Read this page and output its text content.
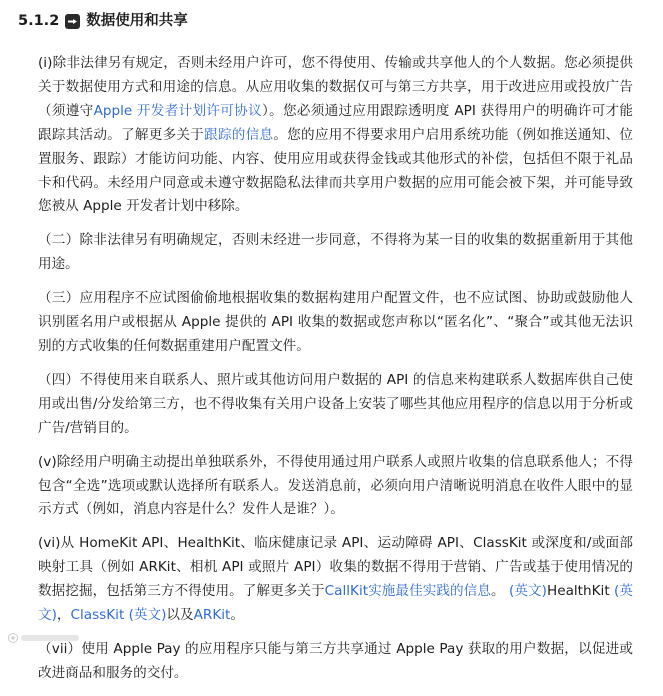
5.1.2 数据使用和共享

(i)除非法律另有规定，否则未经用户许可，您不得使用、传输或共享他人的个人数据。您必须提供关于数据使用方式和用途的信息。从应用收集的数据仅可与第三方共享，用于改进应用或投放广告（须遵守Apple 开发者计划许可协议）。您必须通过应用跟踪透明度 API 获得用户的明确许可才能跟踪其活动。了解更多关于跟踪的信息。您的应用不得要求用户启用系统功能（例如推送通知、位置服务、跟踪）才能访问功能、内容、使用应用或获得金钱或其他形式的补偿，包括但不限于礼品卡和代码。未经用户同意或未遵守数据隐私法律而共享用户数据的应用可能会被下架，并可能导致您被从 Apple 开发者计划中移除。

（二）除非法律另有明确规定，否则未经进一步同意，不得将为某一目的收集的数据重新用于其他用途。

（三）应用程序不应试图偷偷地根据收集的数据构建用户配置文件，也不应试图、协助或鼓励他人识别匿名用户或根据从 Apple 提供的 API 收集的数据或您声称以“匿名化”、“聚合”或其他无法识别的方式收集的任何数据重建用户配置文件。

（四）不得使用来自联系人、照片或其他访问用户数据的 API 的信息来构建联系人数据库供自己使用或出售/分发给第三方，也不得收集有关用户设备上安装了哪些其他应用程序的信息以用于分析或广告/营销目的。

(v)除经用户明确主动提出单独联系外，不得使用通过用户联系人或照片收集的信息联系他人；不得包含“全选”选项或默认选择所有联系人。发送消息前，必须向用户清晰说明消息在收件人眼中的显示方式（例如，消息内容是什么？发件人是谁？）。

(vi)从 HomeKit API、HealthKit、临床健康记录 API、运动障碍 API、ClassKit 或深度和/或面部映射工具（例如 ARKit、相机 API 或照片 API）收集的数据不得用于营销、广告或基于使用情况的数据挖掘，包括第三方不得使用。了解更多关于CallKit实施最佳实践的信息。 (英文)HealthKit (英文)，ClassKit (英文)以及ARKit。

（vii）使用 Apple Pay 的应用程序只能与第三方共享通过 Apple Pay 获取的用户数据，以促进或改进商品和服务的交付。
